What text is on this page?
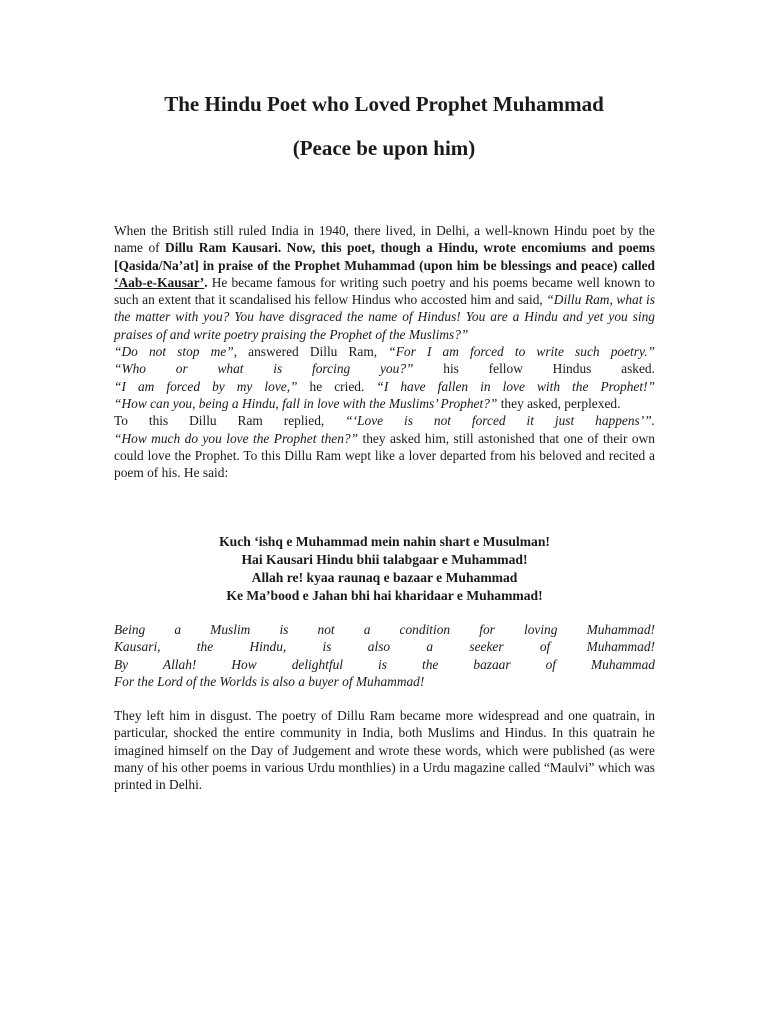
The Hindu Poet who Loved Prophet Muhammad
(Peace be upon him)

When the British still ruled India in 1940, there lived, in Delhi, a well-known Hindu poet by the name of Dillu Ram Kausari. Now, this poet, though a Hindu, wrote encomiums and poems [Qasida/Na’at] in praise of the Prophet Muhammad (upon him be blessings and peace) called ‘Aab-e-Kausar’. He became famous for writing such poetry and his poems became well known to such an extent that it scandalised his fellow Hindus who accosted him and said, “Dillu Ram, what is the matter with you? You have disgraced the name of Hindus! You are a Hindu and yet you sing praises of and write poetry praising the Prophet of the Muslims?”

“Do not stop me”, answered Dillu Ram, “For I am forced to write such poetry.”

“Who or what is forcing you?” his fellow Hindus asked.

“I am forced by my love,” he cried. “I have fallen in love with the Prophet!”

“How can you, being a Hindu, fall in love with the Muslims’ Prophet?” they asked, perplexed.

To this Dillu Ram replied, “‘Love is not forced it just happens’”.

“How much do you love the Prophet then?” they asked him, still astonished that one of their own could love the Prophet. To this Dillu Ram wept like a lover departed from his beloved and recited a poem of his. He said:

Kuch ‘ishq e Muhammad mein nahin shart e Musulman!
Hai Kausari Hindu bhii talabgaar e Muhammad!
Allah re! kyaa raunaq e bazaar e Muhammad
Ke Ma’bood e Jahan bhi hai kharidaar e Muhammad!
Being a Muslim is not a condition for loving Muhammad!
Kausari, the Hindu, is also a seeker of Muhammad!
By Allah! How delightful is the bazaar of Muhammad
For the Lord of the Worlds is also a buyer of Muhammad!

They left him in disgust. The poetry of Dillu Ram became more widespread and one quatrain, in particular, shocked the entire community in India, both Muslims and Hindus. In this quatrain he imagined himself on the Day of Judgement and wrote these words, which were published (as were many of his other poems in various Urdu monthlies) in a Urdu magazine called “Maulvi” which was printed in Delhi.
